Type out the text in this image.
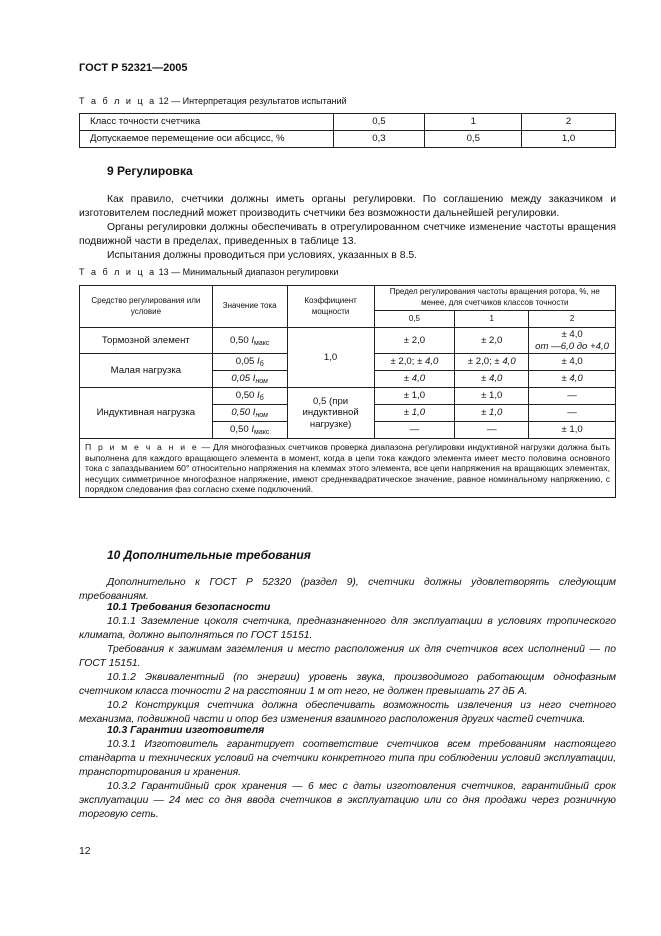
ГОСТ Р 52321—2005
Т а б л и ц а 12 — Интерпретация результатов испытаний
Класс точности счетчика	0,5	1	2
Допускаемое перемещение оси абсцисс, %	0,3	0,5	1,0
9 Регулировка

Как правило, счетчики должны иметь органы регулировки. По соглашению между заказчиком и изготовителем последний может производить счетчики без возможности дальнейшей регулировки.

Органы регулировки должны обеспечивать в отрегулированном счетчике изменение частоты вращения подвижной части в пределах, приведенных в таблице 13.

Испытания должны проводиться при условиях, указанных в 8.5.

Т а б л и ц а 13 — Минимальный диапазон регулировки
Средство регулирования или условие	Значение тока	Коэффициент мощности	Предел регулирования частоты вращения ротора, %, не менее, для счетчиков классов точности		
			0,5	1	2
Тормозной элемент	0,50 $I_{макс}$	1,0	± 2,0	± 2,0	± 4,0
от —6,0 до +4,0

Малая нагрузка	0,05 $I_б$		± 2,0; ± 4,0	± 2,0; ± 4,0	± 4,0
	0,05 $I_{ном}$		± 4,0	± 4,0	± 4,0
Индуктивная нагрузка	0,50 $I_б$	0,5 (при индуктивной нагрузке)	± 1,0	± 1,0	—
	0,50 $I_{ном}$		± 1,0	± 1,0	—
	0,50 $I_{макс}$		—	—	± 1,0
П р и м е ч а н и е — Для многофазных счетчиков проверка диапазона регулировки индуктивной нагрузки должна быть выполнена для каждого вращающего элемента в момент, когда в цепи тока каждого элемента имеет место половина основного тока с запаздыванием 60° относительно напряжения на клеммах этого элемента, все цепи напряжения на вращающих элементах, несущих симметричное многофазное напряжение, имеют среднеквадратическое значение, равное номинальному напряжению, с порядком следования фаз согласно схеме подключений.					
10 Дополнительные требования

Дополнительно к ГОСТ Р 52320 (раздел 9), счетчики должны удовлетворять следующим требованиям.

10.1 Требования безопасности

10.1.1 Заземление цоколя счетчика, предназначенного для эксплуатации в условиях тропического климата, должно выполняться по ГОСТ 15151.

Требования к зажимам заземления и место расположения их для счетчиков всех исполнений — по ГОСТ 15151.

10.1.2 Эквивалентный (по энергии) уровень звука, производимого работающим однофазным счетчиком класса точности 2 на расстоянии 1 м от него, не должен превышать 27 дБ А.

10.2 Конструкция счетчика должна обеспечивать возможность извлечения из него счетного механизма, подвижной части и опор без изменения взаимного расположения других частей счетчика.

10.3 Гарантии изготовителя

10.3.1 Изготовитель гарантирует соответствие счетчиков всем требованиям настоящего стандарта и технических условий на счетчики конкретного типа при соблюдении условий эксплуатации, транспортирования и хранения.

10.3.2 Гарантийный срок хранения — 6 мес с даты изготовления счетчиков, гарантийный срок эксплуатации — 24 мес со дня ввода счетчиков в эксплуатацию или со дня продажи через розничную торговую сеть.

12
